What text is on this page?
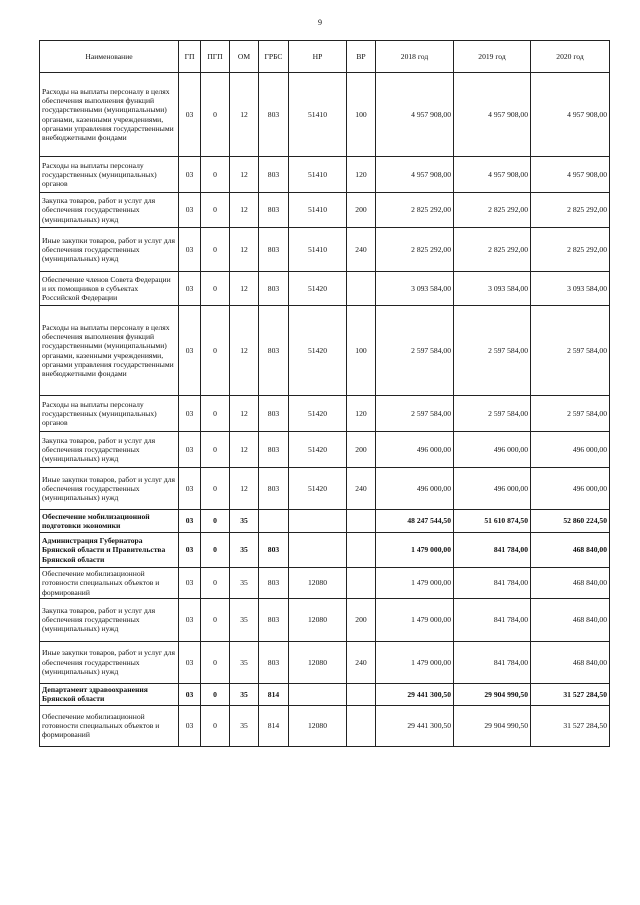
9
Наименование	ГП	ПГП	ОМ	ГРБС	НР	ВР	2018 год	2019 год	2020 год
Расходы на выплаты персоналу в целях обеспечения выполнения функций государственными (муниципальными) органами, казенными учреждениями, органами управления государственными внебюджетными фондами	03	0	12	803	51410	100	4 957 908,00	4 957 908,00	4 957 908,00
Расходы на выплаты персоналу государственных (муниципальных) органов	03	0	12	803	51410	120	4 957 908,00	4 957 908,00	4 957 908,00
Закупка товаров, работ и услуг для обеспечения государственных (муниципальных) нужд	03	0	12	803	51410	200	2 825 292,00	2 825 292,00	2 825 292,00
Иные закупки товаров, работ и услуг для обеспечения государственных (муниципальных) нужд	03	0	12	803	51410	240	2 825 292,00	2 825 292,00	2 825 292,00
Обеспечение членов Совета Федерации и их помощников в субъектах Российской Федерации	03	0	12	803	51420		3 093 584,00	3 093 584,00	3 093 584,00
Расходы на выплаты персоналу в целях обеспечения выполнения функций государственными (муниципальными) органами, казенными учреждениями, органами управления государственными внебюджетными фондами	03	0	12	803	51420	100	2 597 584,00	2 597 584,00	2 597 584,00
Расходы на выплаты персоналу государственных (муниципальных) органов	03	0	12	803	51420	120	2 597 584,00	2 597 584,00	2 597 584,00
Закупка товаров, работ и услуг для обеспечения государственных (муниципальных) нужд	03	0	12	803	51420	200	496 000,00	496 000,00	496 000,00
Иные закупки товаров, работ и услуг для обеспечения государственных (муниципальных) нужд	03	0	12	803	51420	240	496 000,00	496 000,00	496 000,00
Обеспечение мобилизационной подготовки экономики	03	0	35				48 247 544,50	51 610 874,50	52 860 224,50
Администрация Губернатора Брянской области и Правительства Брянской области	03	0	35	803			1 479 000,00	841 784,00	468 840,00
Обеспечение мобилизационной готовности специальных объектов и формирований	03	0	35	803	12080		1 479 000,00	841 784,00	468 840,00
Закупка товаров, работ и услуг для обеспечения государственных (муниципальных) нужд	03	0	35	803	12080	200	1 479 000,00	841 784,00	468 840,00
Иные закупки товаров, работ и услуг для обеспечения государственных (муниципальных) нужд	03	0	35	803	12080	240	1 479 000,00	841 784,00	468 840,00
Департамент здравоохранения Брянской области	03	0	35	814			29 441 300,50	29 904 990,50	31 527 284,50
Обеспечение мобилизационной готовности специальных объектов и формирований	03	0	35	814	12080		29 441 300,50	29 904 990,50	31 527 284,50
